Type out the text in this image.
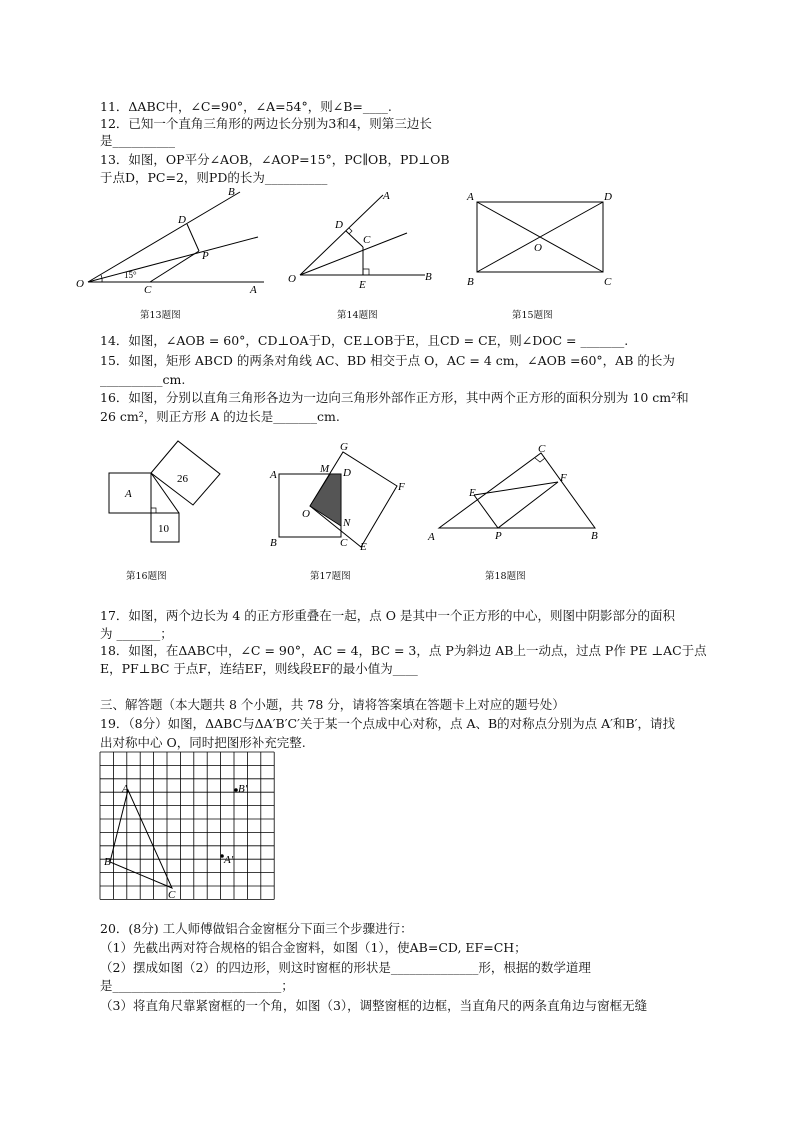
11．ΔABC中，∠C=90°，∠A=54°，则∠B=____.
12．已知一个直角三角形的两边长分别为3和4，则第三边长
是__________
13．如图，OP平分∠AOB，∠AOP=15°，PC∥OB，PD⊥OB
于点D，PC=2，则PD的长为__________
B
D
P
O	C	A
15°
第13题图
A
D
C
O	E
B
第14题图
A	D
O
B	C
第15题图
14．如图，∠AOB = 60°，CD⊥OA于D，CE⊥OB于E，且CD = CE，则∠DOC = _______.
15．如图，矩形 ABCD 的两条对角线 AC、BD 相交于点 O，AC = 4 cm，∠AOB =60°，AB 的长为
__________cm.
16．如图，分别以直角三角形各边为一边向三角形外部作正方形，其中两个正方形的面积分别为 10 cm²和
26 cm²，则正方形 A 的边长是_______cm.
A
26
10
第16题图
G
M D
A
F
O
N
B	C E
第17题图
C
F
E
A	P	B
第18题图
17．如图，两个边长为 4 的正方形重叠在一起，点 O 是其中一个正方形的中心，则图中阴影部分的面积
为 _______；
18．如图，在ΔABC中，∠C = 90°，AC = 4，BC = 3，点 P为斜边 AB上一动点，过点 P作 PE ⊥AC于点
E，PF⊥BC 于点F，连结EF，则线段EF的最小值为____
三、解答题（本大题共 8 个小题，共 78 分，请将答案填在答题卡上对应的题号处）
19．（8分）如图，ΔABC与ΔA′B′C′关于某一个点成中心对称，点 A、B的对称点分别为点 A′和B′，请找
出对称中心 O，同时把图形补充完整.
A
B
C
B′
A′
20．(8分) 工人师傅做铝合金窗框分下面三个步骤进行：
（1）先截出两对符合规格的铝合金窗料，如图（1），使AB=CD, EF=CH；
（2）摆成如图（2）的四边形，则这时窗框的形状是______________形，根据的数学道理
是___________________________；
（3）将直角尺靠紧窗框的一个角，如图（3），调整窗框的边框，当直角尺的两条直角边与窗框无缝
